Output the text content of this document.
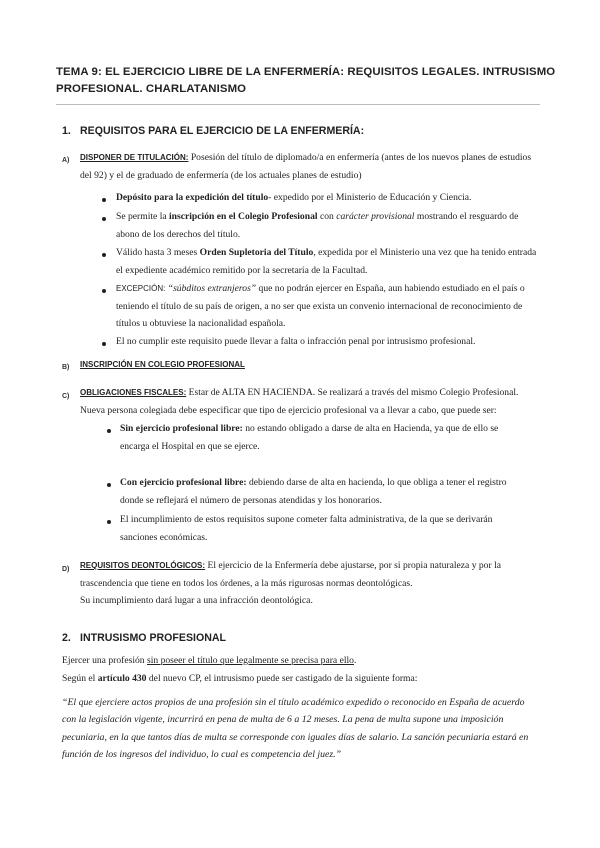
TEMA 9: EL EJERCICIO LIBRE DE LA ENFERMERÍA: REQUISITOS LEGALES. INTRUSISMO PROFESIONAL. CHARLATANISMO
1. REQUISITOS PARA EL EJERCICIO DE LA ENFERMERÍA:
A) DISPONER DE TITULACIÓN: Posesión del título de diplomado/a en enfermería (antes de los nuevos planes de estudios del 92) y el de graduado de enfermería (de los actuales planes de estudio)
Depósito para la expedición del título- expedido por el Ministerio de Educación y Ciencia.
Se permite la inscripción en el Colegio Profesional con carácter provisional mostrando el resguardo de abono de los derechos del título.
Válido hasta 3 meses Orden Supletoria del Título, expedida por el Ministerio una vez que ha tenido entrada el expediente académico remitido por la secretaría de la Facultad.
EXCEPCIÓN: “súbditos extranjeros” que no podrán ejercer en España, aun habiendo estudiado en el país o teniendo el título de su país de origen, a no ser que exista un convenio internacional de reconocimiento de títulos u obtuviese la nacionalidad española.
El no cumplir este requisito puede llevar a falta o infracción penal por intrusismo profesional.
B) INSCRIPCIÓN EN COLEGIO PROFESIONAL
C) OBLIGACIONES FISCALES: Estar de ALTA EN HACIENDA. Se realizará a través del mismo Colegio Profesional. Nueva persona colegiada debe especificar que tipo de ejercicio profesional va a llevar a cabo, que puede ser:
Sin ejercicio profesional libre: no estando obligado a darse de alta en Hacienda, ya que de ello se encarga el Hospital en que se ejerce.
Con ejercicio profesional libre: debiendo darse de alta en hacienda, lo que obliga a tener el registro donde se reflejará el número de personas atendidas y los honorarios.
El incumplimiento de estos requisitos supone cometer falta administrativa, de la que se derivarán sanciones económicas.
D) REQUISITOS DEONTOLÓGICOS: El ejercicio de la Enfermería debe ajustarse, por si propia naturaleza y por la trascendencia que tiene en todos los órdenes, a la más rigurosas normas deontológicas.
Su incumplimiento dará lugar a una infracción deontológica.
2. INTRUSISMO PROFESIONAL
Ejercer una profesión sin poseer el título que legalmente se precisa para ello.
Según el artículo 430 del nuevo CP, el intrusismo puede ser castigado de la siguiente forma:
“El que ejerciere actos propios de una profesión sin el título académico expedido o reconocido en España de acuerdo con la legislación vigente, incurrirá en pena de multa de 6 a 12 meses. La pena de multa supone una imposición pecuniaria, en la que tantos días de multa se corresponde con iguales días de salario. La sanción pecuniaria estará en función de los ingresos del individuo, lo cual es competencia del juez.”
